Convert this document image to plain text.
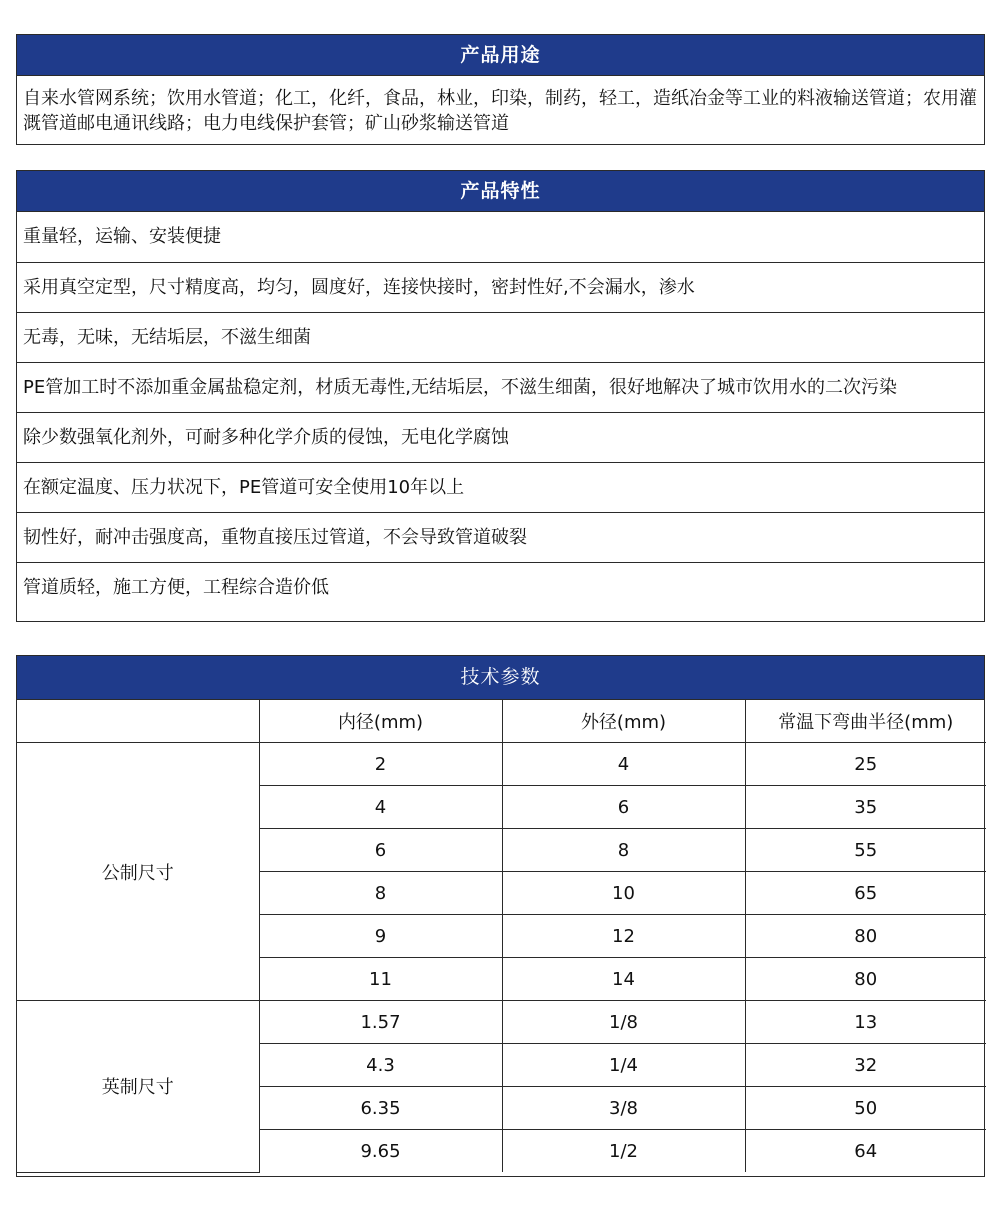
产品用途
自来水管网系统；饮用水管道；化工，化纤，食品，林业，印染，制药，轻工，造纸冶金等工业的料液输送管道；农用灌溉管道邮电通讯线路；电力电线保护套管；矿山砂浆输送管道
产品特性
重量轻，运输、安装便捷
采用真空定型，尺寸精度高，均匀，圆度好，连接快接时，密封性好,不会漏水，渗水
无毒，无味，无结垢层，不滋生细菌
PE管加工时不添加重金属盐稳定剂，材质无毒性,无结垢层，不滋生细菌，很好地解决了城市饮用水的二次污染
除少数强氧化剂外，可耐多种化学介质的侵蚀，无电化学腐蚀
在额定温度、压力状况下，PE管道可安全使用10年以上
韧性好，耐冲击强度高，重物直接压过管道，不会导致管道破裂
管道质轻，施工方便，工程综合造价低
技术参数
	内径(mm)	外径(mm)	常温下弯曲半径(mm)
公制尺寸	2	4	25
	4	6	35
	6	8	55
	8	10	65
	9	12	80
	11	14	80
英制尺寸	1.57	1/8	13
	4.3	1/4	32
	6.35	3/8	50
	9.65	1/2	64
